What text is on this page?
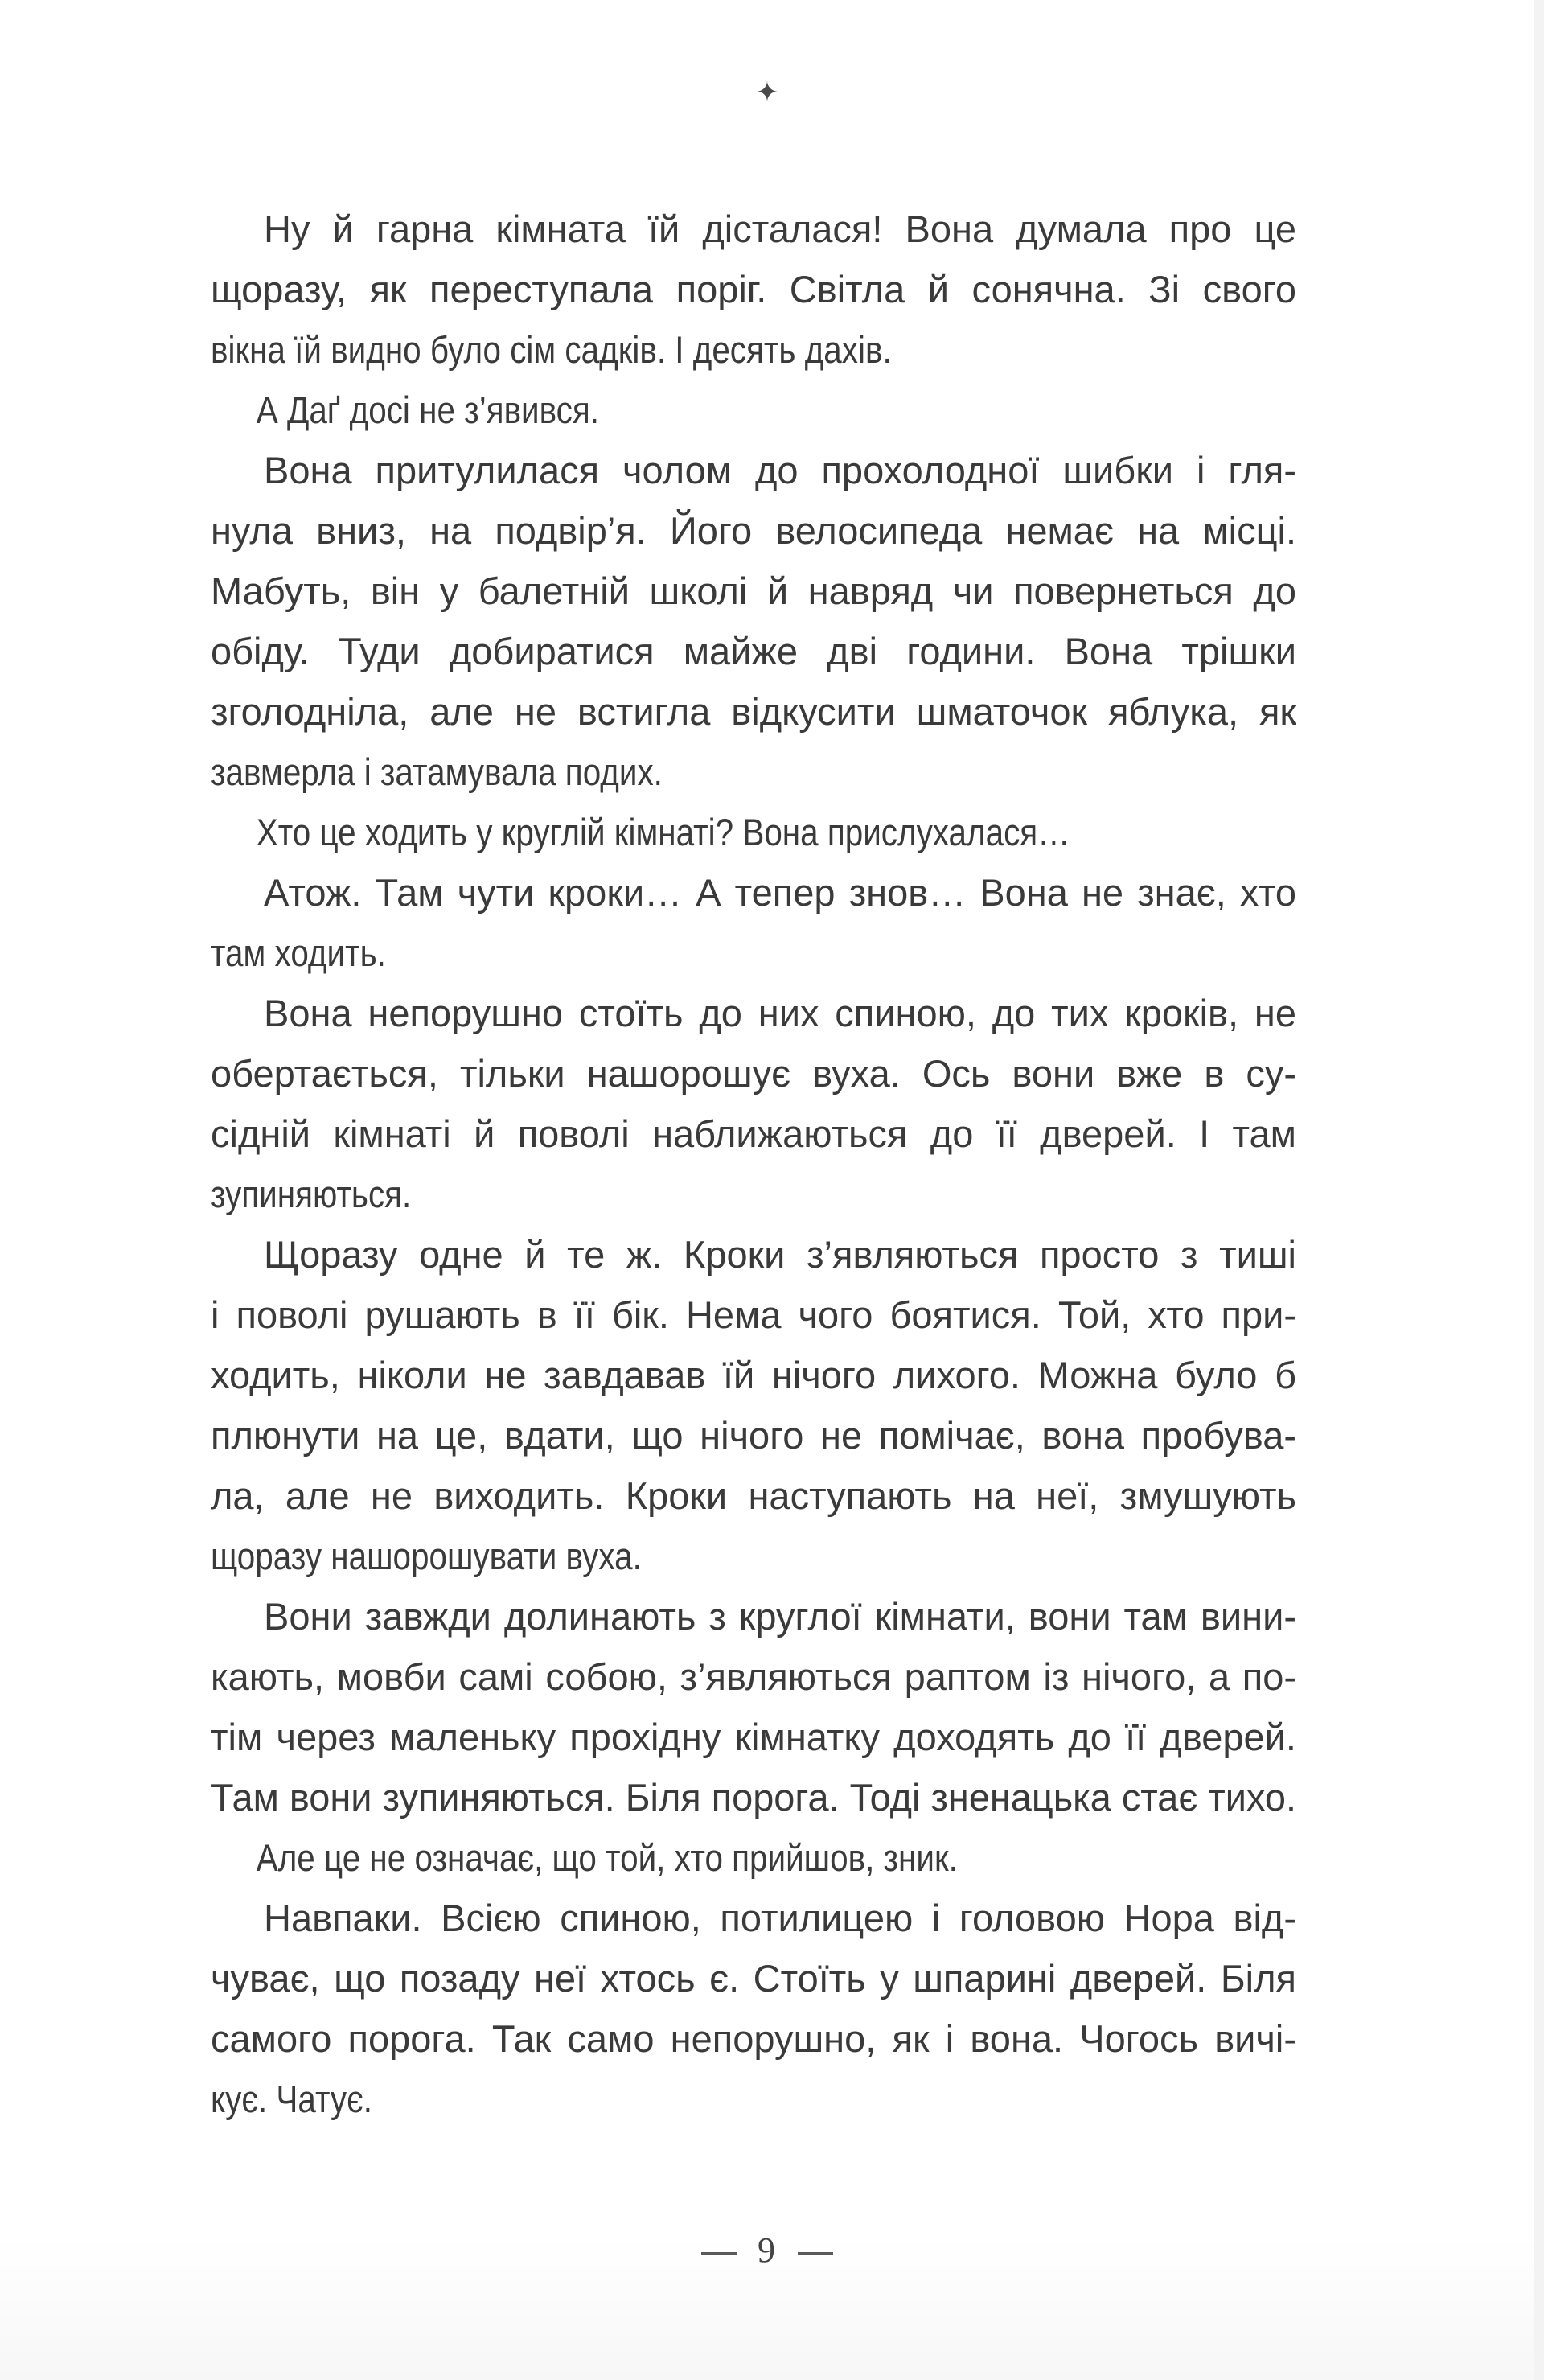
✦
Ну й гарна кімната їй дісталася! Вона думала про це
щоразу, як переступала поріг. Світла й сонячна. Зі свого
вікна їй видно було сім садків. І десять дахів.
А Даґ досі не з’явився.
Вона притулилася чолом до прохолодної шибки і гля-
нула вниз, на подвір’я. Його велосипеда немає на місці.
Мабуть, він у балетній школі й навряд чи повернеться до
обіду. Туди добиратися майже дві години. Вона трішки
зголодніла, але не встигла відкусити шматочок яблука, як
завмерла і затамувала подих.
Хто це ходить у круглій кімнаті? Вона прислухалася…
Атож. Там чути кроки… А тепер знов… Вона не знає, хто
там ходить.
Вона непорушно стоїть до них спиною, до тих кроків, не
обертається, тільки нашорошує вуха. Ось вони вже в су-
сідній кімнаті й поволі наближаються до її дверей. І там
зупиняються.
Щоразу одне й те ж. Кроки з’являються просто з тиші
і поволі рушають в її бік. Нема чого боятися. Той, хто при-
ходить, ніколи не завдавав їй нічого лихого. Можна було б
плюнути на це, вдати, що нічого не помічає, вона пробува-
ла, але не виходить. Кроки наступають на неї, змушують
щоразу нашорошувати вуха.
Вони завжди долинають з круглої кімнати, вони там вини-
кають, мовби самі собою, з’являються раптом із нічого, а по-
тім через маленьку прохідну кімнатку доходять до її дверей.
Там вони зупиняються. Біля порога. Тоді зненацька стає тихо.
Але це не означає, що той, хто прийшов, зник.
Навпаки. Всією спиною, потилицею і головою Нора від-
чуває, що позаду неї хтось є. Стоїть у шпарині дверей. Біля
самого порога. Так само непорушно, як і вона. Чогось вичі-
кує. Чатує.
9
